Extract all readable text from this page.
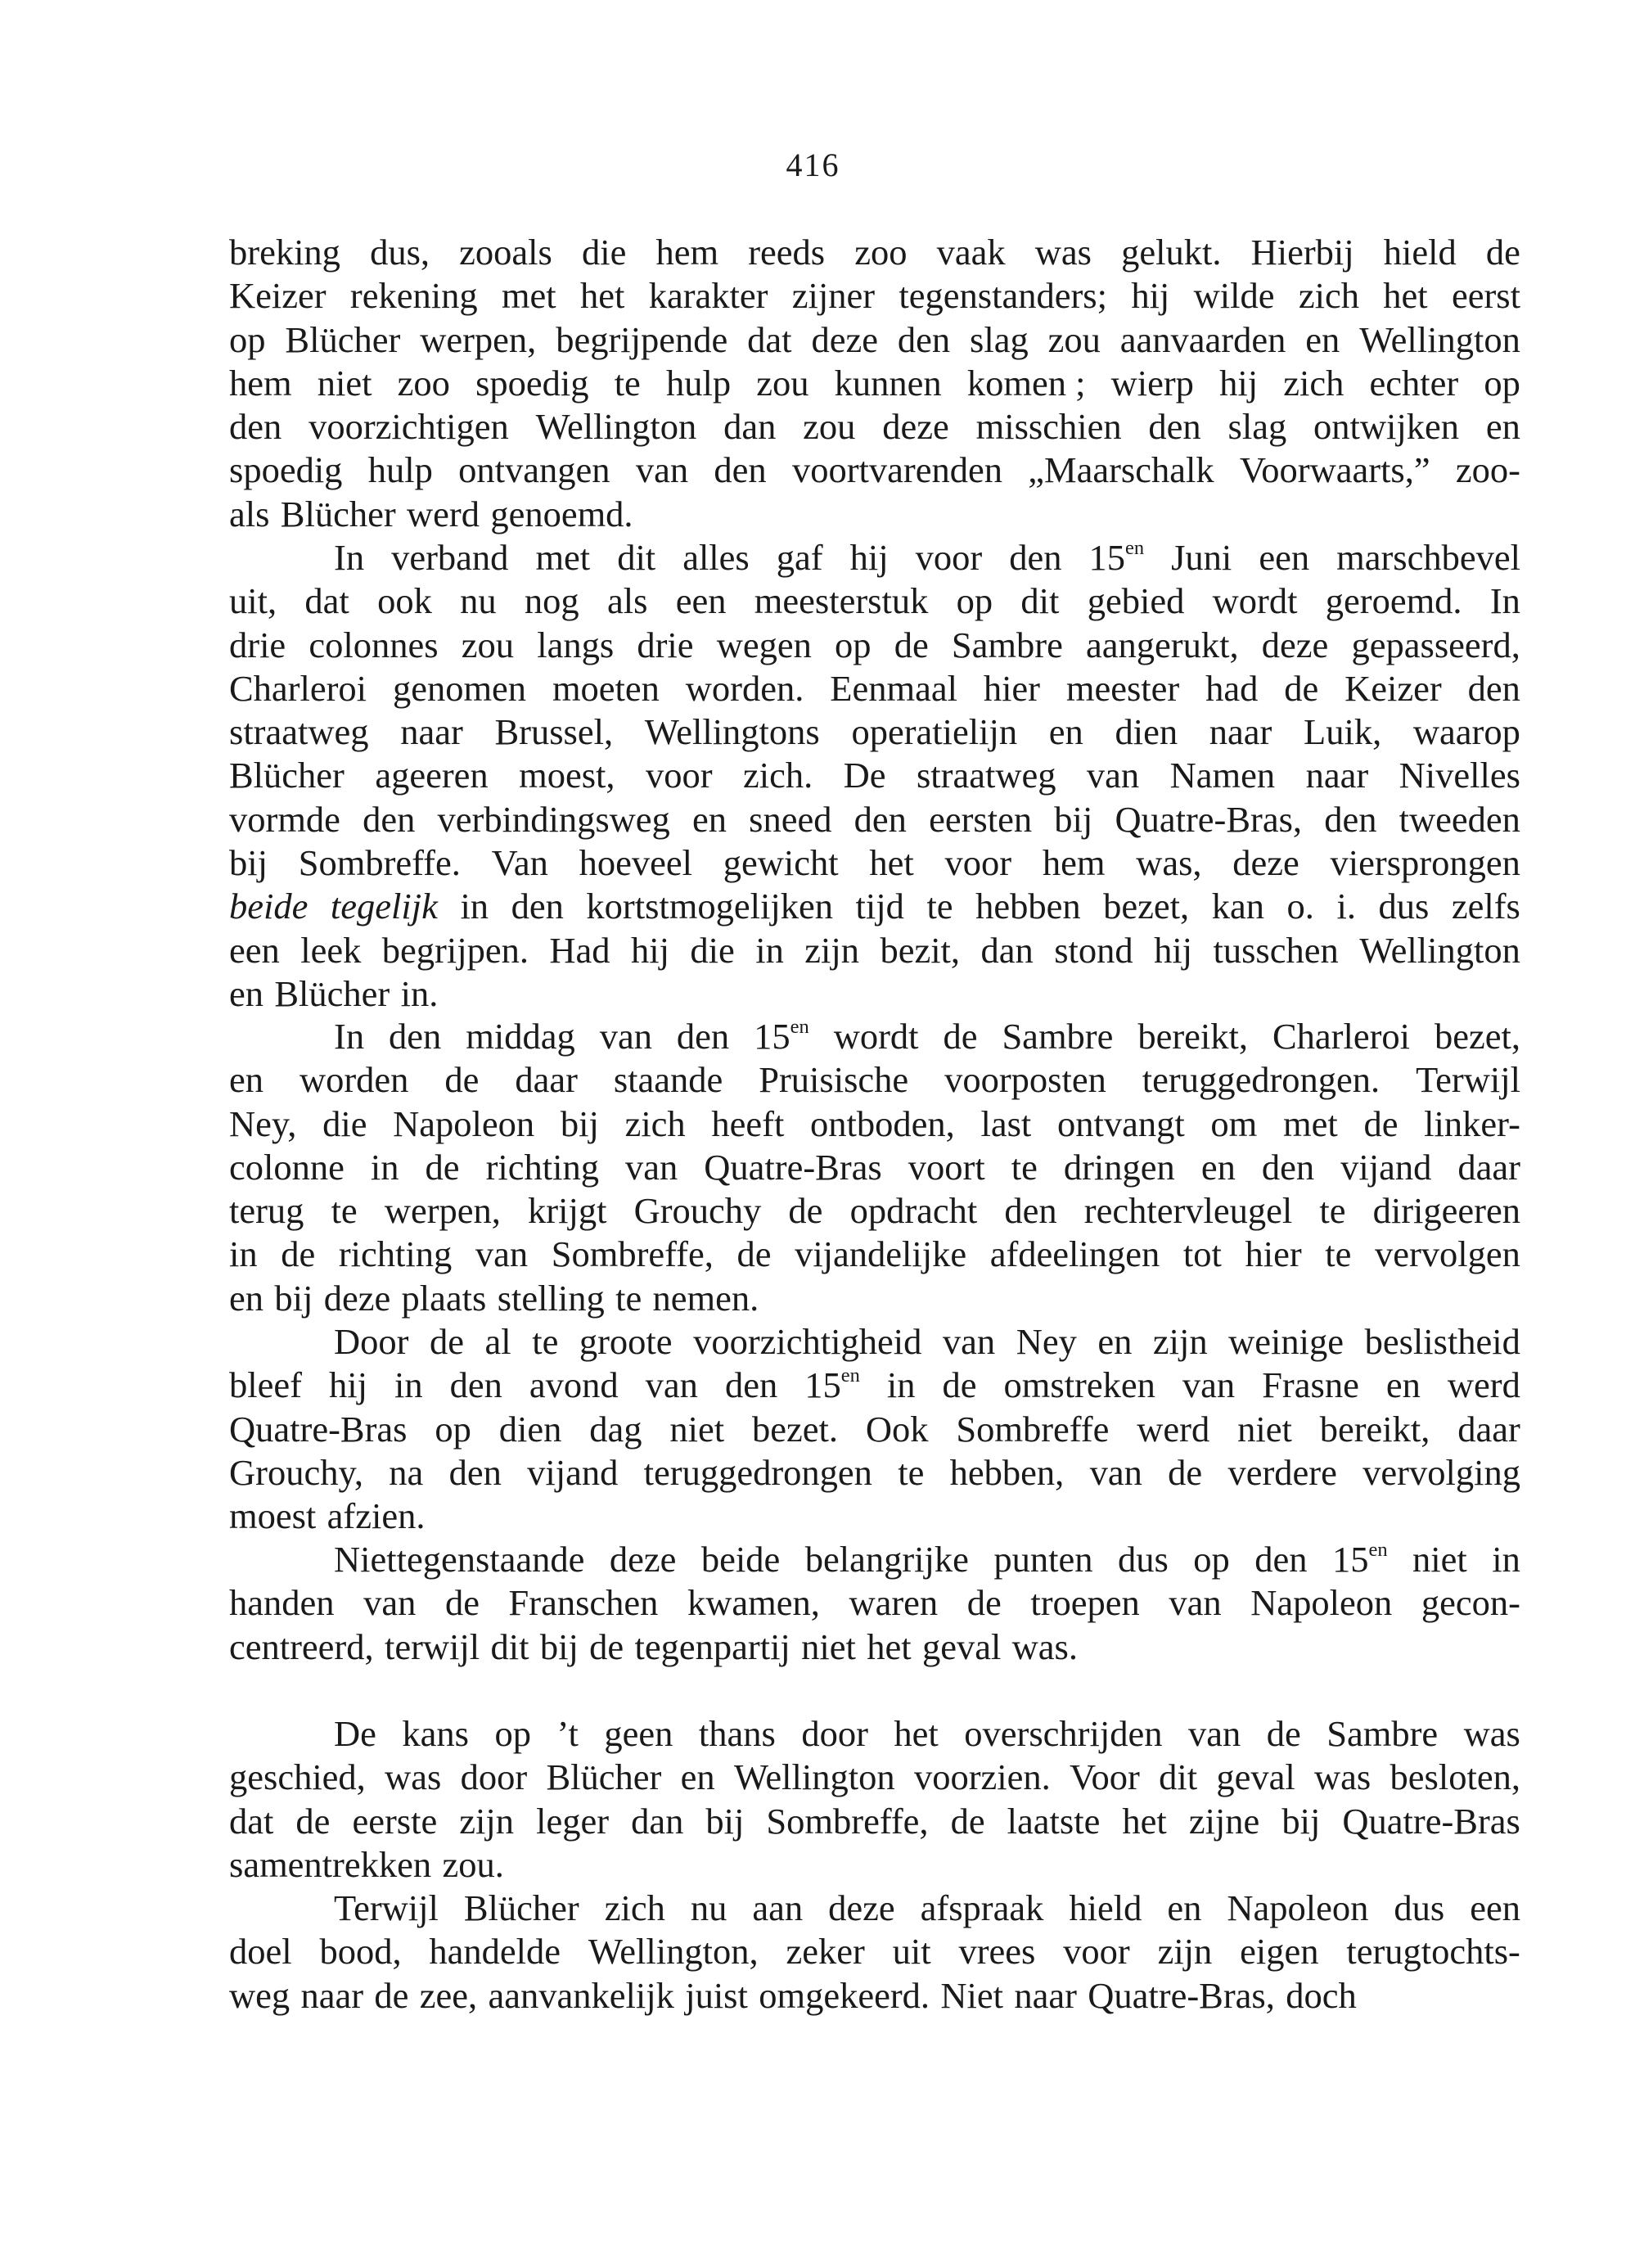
416
breking dus, zooals die hem reeds zoo vaak was gelukt. Hierbij hield de
Keizer rekening met het karakter zijner tegenstanders; hij wilde zich het eerst
op Blücher werpen, begrijpende dat deze den slag zou aanvaarden en Wellington
hem niet zoo spoedig te hulp zou kunnen komen ; wierp hij zich echter op
den voorzichtigen Wellington dan zou deze misschien den slag ontwijken en
spoedig hulp ontvangen van den voortvarenden „Maarschalk Voorwaarts,” zoo-
als Blücher werd genoemd.
In verband met dit alles gaf hij voor den $15^{en}$ Juni een marschbevel
uit, dat ook nu nog als een meesterstuk op dit gebied wordt geroemd. In
drie colonnes zou langs drie wegen op de Sambre aangerukt, deze gepasseerd,
Charleroi genomen moeten worden. Eenmaal hier meester had de Keizer den
straatweg naar Brussel, Wellingtons operatielijn en dien naar Luik, waarop
Blücher ageeren moest, voor zich. De straatweg van Namen naar Nivelles
vormde den verbindingsweg en sneed den eersten bij Quatre-Bras, den tweeden
bij Sombreffe. Van hoeveel gewicht het voor hem was, deze viersprongen
beide tegelijk in den kortstmogelijken tijd te hebben bezet, kan o. i. dus zelfs
een leek begrijpen. Had hij die in zijn bezit, dan stond hij tusschen Wellington
en Blücher in.
In den middag van den $15^{en}$ wordt de Sambre bereikt, Charleroi bezet,
en worden de daar staande Pruisische voorposten teruggedrongen. Terwijl
Ney, die Napoleon bij zich heeft ontboden, last ontvangt om met de linker-
colonne in de richting van Quatre-Bras voort te dringen en den vijand daar
terug te werpen, krijgt Grouchy de opdracht den rechtervleugel te dirigeeren
in de richting van Sombreffe, de vijandelijke afdeelingen tot hier te vervolgen
en bij deze plaats stelling te nemen.
Door de al te groote voorzichtigheid van Ney en zijn weinige beslistheid
bleef hij in den avond van den $15^{en}$ in de omstreken van Frasne en werd
Quatre-Bras op dien dag niet bezet. Ook Sombreffe werd niet bereikt, daar
Grouchy, na den vijand teruggedrongen te hebben, van de verdere vervolging
moest afzien.
Niettegenstaande deze beide belangrijke punten dus op den $15^{en}$ niet in
handen van de Franschen kwamen, waren de troepen van Napoleon gecon-
centreerd, terwijl dit bij de tegenpartij niet het geval was.
De kans op ’t geen thans door het overschrijden van de Sambre was
geschied, was door Blücher en Wellington voorzien. Voor dit geval was besloten,
dat de eerste zijn leger dan bij Sombreffe, de laatste het zijne bij Quatre-Bras
samentrekken zou.
Terwijl Blücher zich nu aan deze afspraak hield en Napoleon dus een
doel bood, handelde Wellington, zeker uit vrees voor zijn eigen terugtochts-
weg naar de zee, aanvankelijk juist omgekeerd. Niet naar Quatre-Bras, doch
